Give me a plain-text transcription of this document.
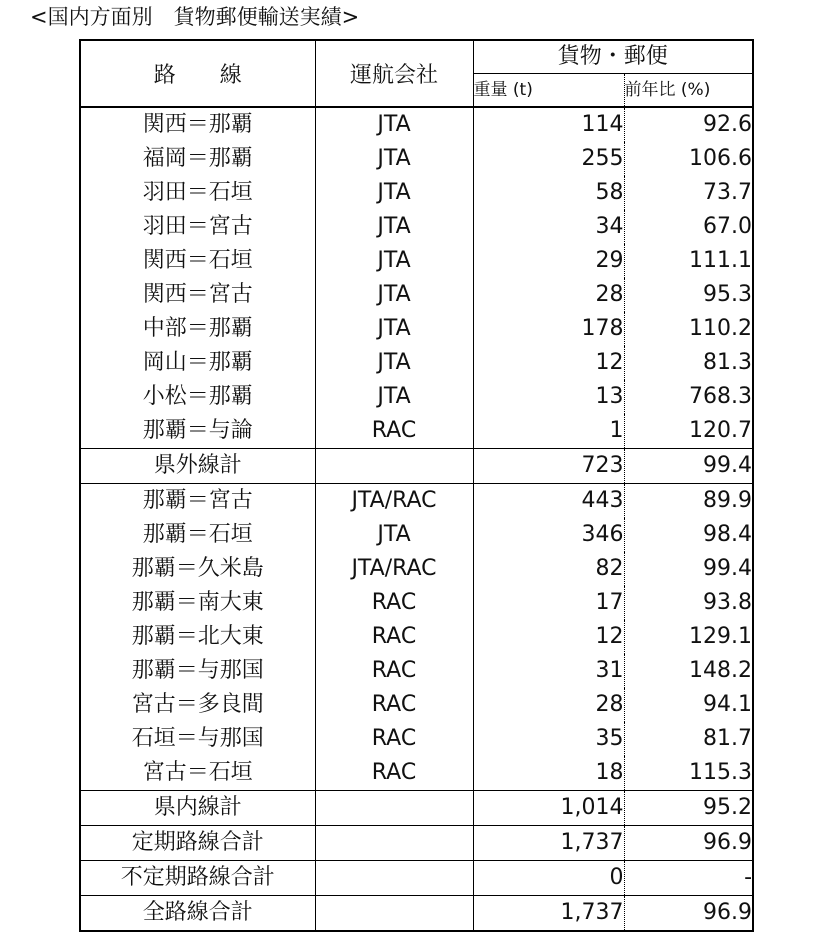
<国内方面別　貨物郵便輸送実績>
路　　線	運航会社	貨物・郵便	
		重量 (t)	前年比 (%)
関西＝那覇	JTA	114	92.6
福岡＝那覇	JTA	255	106.6
羽田＝石垣	JTA	58	73.7
羽田＝宮古	JTA	34	67.0
関西＝石垣	JTA	29	111.1
関西＝宮古	JTA	28	95.3
中部＝那覇	JTA	178	110.2
岡山＝那覇	JTA	12	81.3
小松＝那覇	JTA	13	768.3
那覇＝与論	RAC	1	120.7
県外線計		723	99.4
那覇＝宮古	JTA/RAC	443	89.9
那覇＝石垣	JTA	346	98.4
那覇＝久米島	JTA/RAC	82	99.4
那覇＝南大東	RAC	17	93.8
那覇＝北大東	RAC	12	129.1
那覇＝与那国	RAC	31	148.2
宮古＝多良間	RAC	28	94.1
石垣＝与那国	RAC	35	81.7
宮古＝石垣	RAC	18	115.3
県内線計		1,014	95.2
定期路線合計		1,737	96.9
不定期路線合計		0	-
全路線合計		1,737	96.9
